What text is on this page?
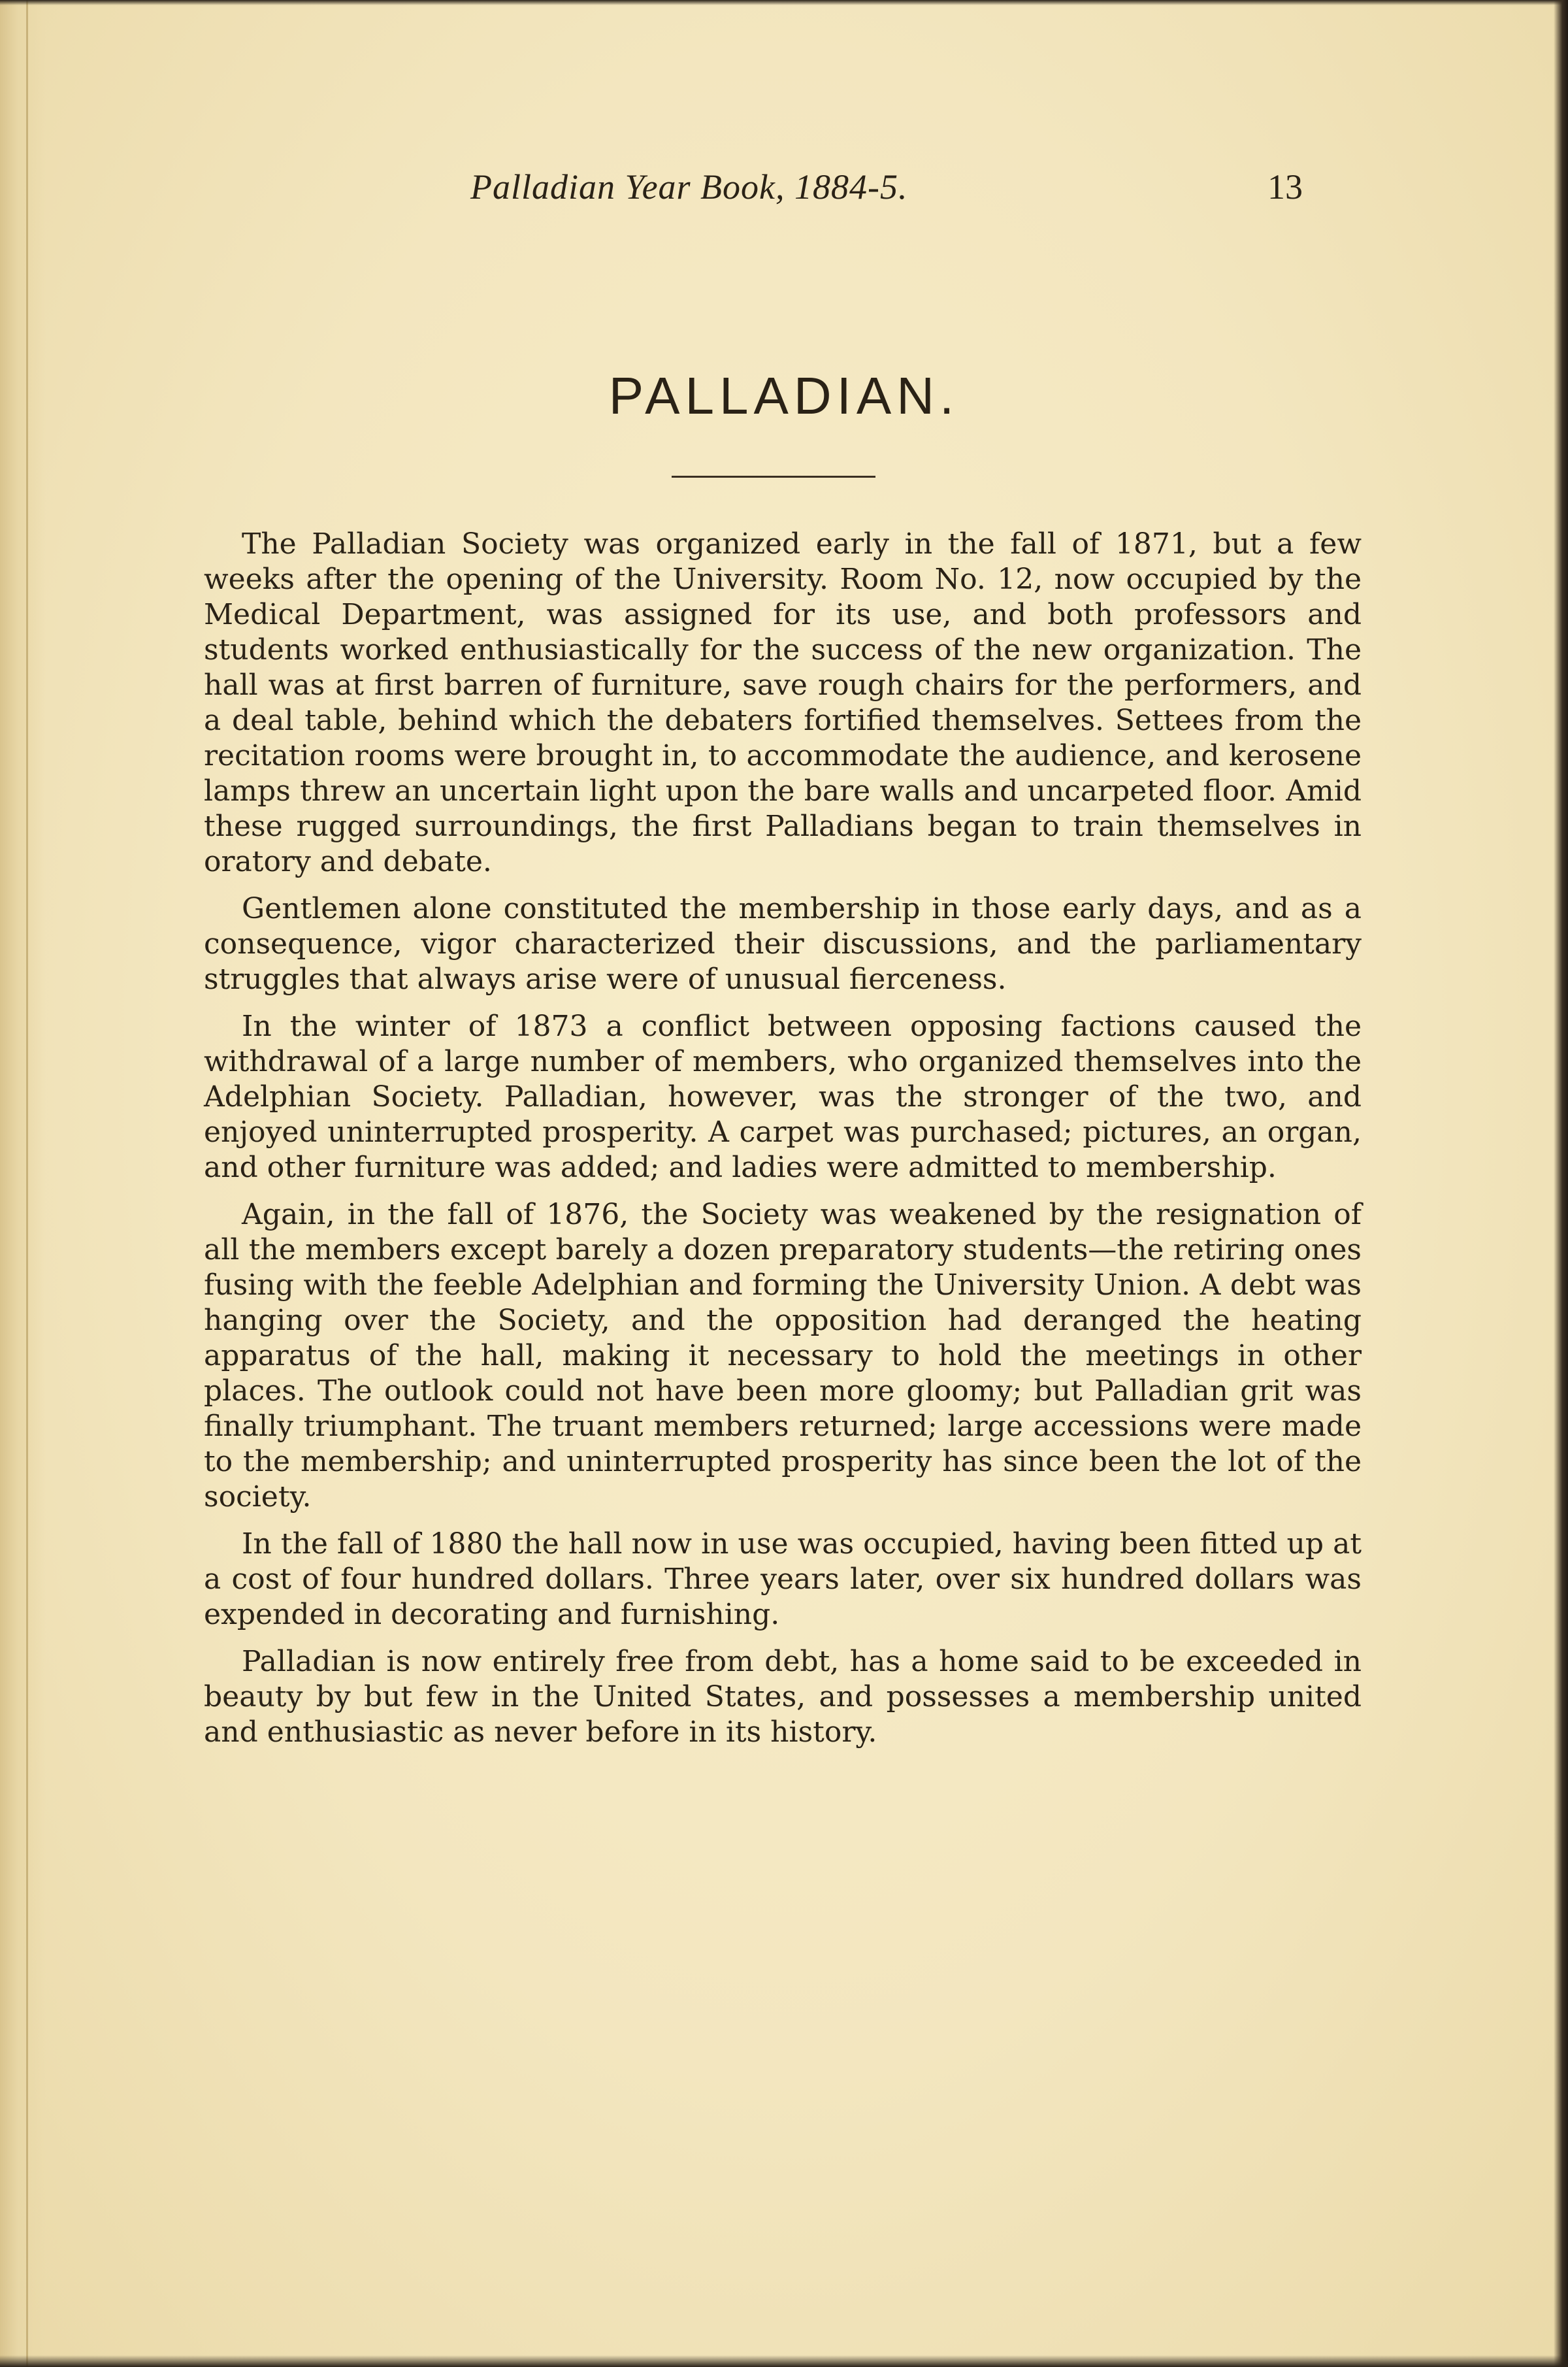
Palladian Year Book, 1884-5.	13
PALLADIAN.

The Palladian Society was organized early in the fall of 1871, but a few weeks after the opening of the University. Room No. 12, now occupied by the Medical Department, was assigned for its use, and both professors and students worked enthusiastically for the success of the new organization. The hall was at first barren of furniture, save rough chairs for the performers, and a deal table, behind which the debaters fortified themselves. Settees from the recitation rooms were brought in, to accommodate the audience, and kerosene lamps threw an uncertain light upon the bare walls and uncarpeted floor. Amid these rugged surroundings, the first Palladians began to train themselves in oratory and debate.

Gentlemen alone constituted the membership in those early days, and as a consequence, vigor characterized their discussions, and the parliamentary struggles that always arise were of unusual fierceness.

In the winter of 1873 a conflict between opposing factions caused the withdrawal of a large number of members, who organized themselves into the Adelphian Society. Palladian, however, was the stronger of the two, and enjoyed uninterrupted prosperity. A carpet was purchased; pictures, an organ, and other furniture was added; and ladies were admitted to membership.

Again, in the fall of 1876, the Society was weakened by the resignation of all the members except barely a dozen preparatory students—the retiring ones fusing with the feeble Adelphian and forming the University Union. A debt was hanging over the Society, and the opposition had deranged the heating apparatus of the hall, making it necessary to hold the meetings in other places. The outlook could not have been more gloomy; but Palladian grit was finally triumphant. The truant members returned; large accessions were made to the membership; and uninterrupted prosperity has since been the lot of the society.

In the fall of 1880 the hall now in use was occupied, having been fitted up at a cost of four hundred dollars. Three years later, over six hundred dollars was expended in decorating and furnishing.

Palladian is now entirely free from debt, has a home said to be exceeded in beauty by but few in the United States, and possesses a membership united and enthusiastic as never before in its history.
